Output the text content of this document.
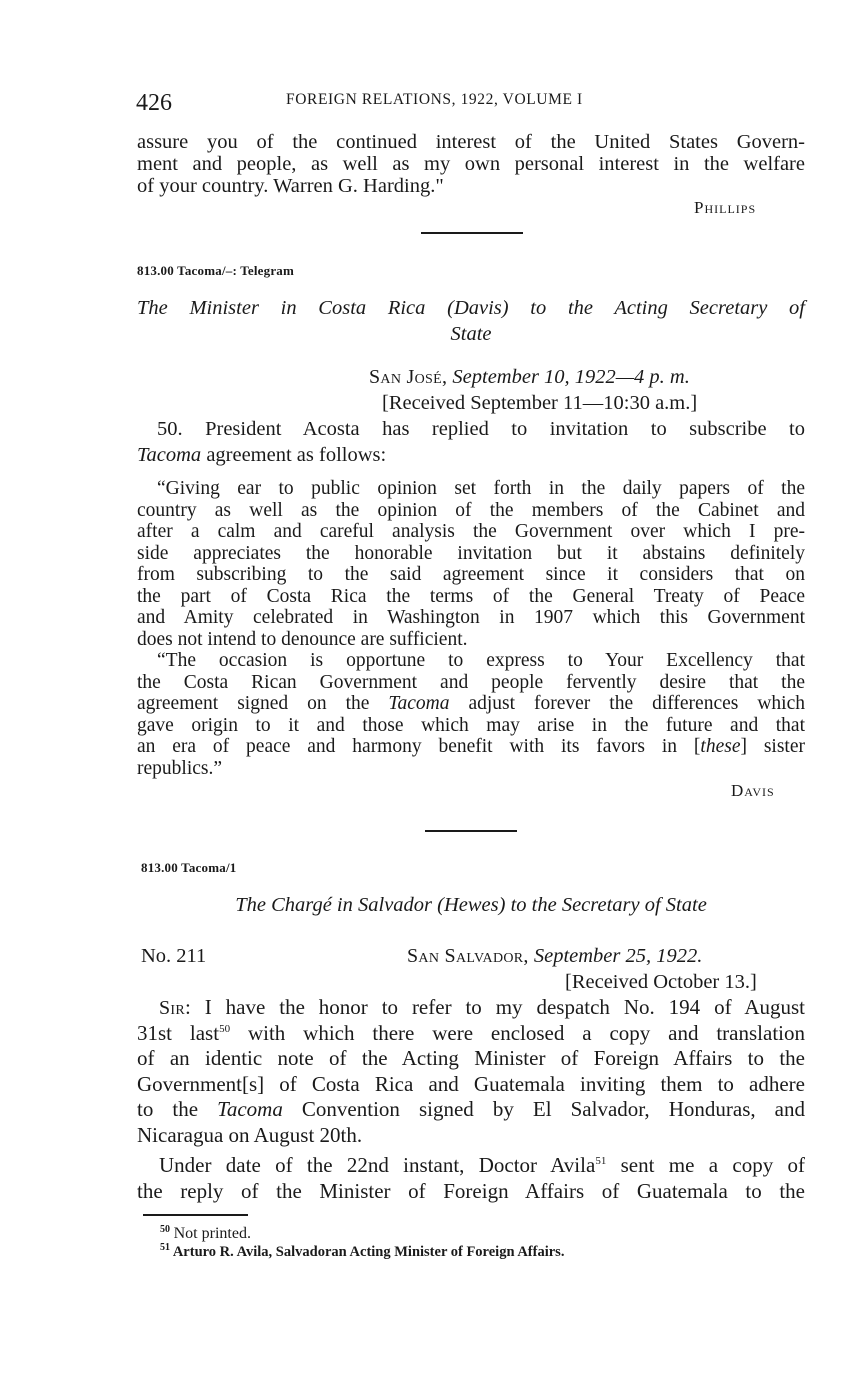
426	FOREIGN RELATIONS, 1922, VOLUME I
assure you of the continued interest of the United States Govern-
ment and people, as well as my own personal interest in the welfare
of your country. Warren G. Harding."
Phillips
813.00 Tacoma/–: Telegram
The Minister in Costa Rica (Davis) to the Acting Secretary of
State
San José, September 10, 1922—4 p. m.
[Received September 11—10:30 a.m.]
50. President Acosta has replied to invitation to subscribe to
Tacoma agreement as follows:
“Giving ear to public opinion set forth in the daily papers of the
country as well as the opinion of the members of the Cabinet and
after a calm and careful analysis the Government over which I pre-
side appreciates the honorable invitation but it abstains definitely
from subscribing to the said agreement since it considers that on
the part of Costa Rica the terms of the General Treaty of Peace
and Amity celebrated in Washington in 1907 which this Government
does not intend to denounce are sufficient.
“The occasion is opportune to express to Your Excellency that
the Costa Rican Government and people fervently desire that the
agreement signed on the Tacoma adjust forever the differences which
gave origin to it and those which may arise in the future and that
an era of peace and harmony benefit with its favors in [these] sister
republics.”
Davis
813.00 Tacoma/1
The Chargé in Salvador (Hewes) to the Secretary of State
No. 211	San Salvador, September 25, 1922.
[Received October 13.]
Sir: I have the honor to refer to my despatch No. 194 of August
31st last$^{50}$ with which there were enclosed a copy and translation
of an identic note of the Acting Minister of Foreign Affairs to the
Government[s] of Costa Rica and Guatemala inviting them to adhere
to the Tacoma Convention signed by El Salvador, Honduras, and
Nicaragua on August 20th.
Under date of the 22nd instant, Doctor Avila$^{51}$ sent me a copy of
the reply of the Minister of Foreign Affairs of Guatemala to the
$^{50}$ Not printed.
$^{51}$ Arturo R. Avila, Salvadoran Acting Minister of Foreign Affairs.
